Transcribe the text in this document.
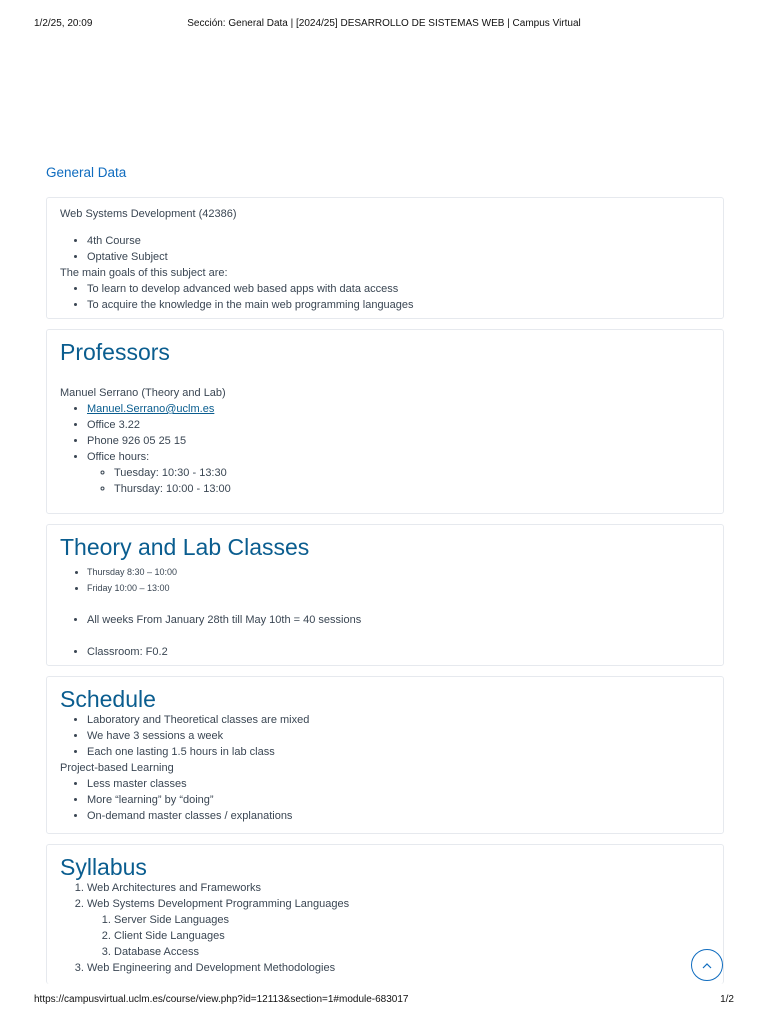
1/2/25, 20:09	Sección: General Data | [2024/25] DESARROLLO DE SISTEMAS WEB | Campus Virtual
General Data

Web Systems Development (42386)

• 4th Course
• Optative Subject

The main goals of this subject are:

• To learn to develop advanced web based apps with data access
• To acquire the knowledge in the main web programming languages
Professors

Manuel Serrano (Theory and Lab)

• Manuel.Serrano@uclm.es
• Office 3.22
• Phone 926 05 25 15
• Office hours:
◦ Tuesday: 10:30 - 13:30
◦ Thursday: 10:00 - 13:00
Theory and Lab Classes
• Thursday 8:30 – 10:00
• Friday 10:00 – 13:00
• All weeks From January 28th till May 10th = 40 sessions
• Classroom: F0.2
Schedule
• Laboratory and Theoretical classes are mixed
• We have 3 sessions a week
• Each one lasting 1.5 hours in lab class

Project-based Learning

• Less master classes
• More “learning” by “doing”
• On-demand master classes / explanations
Syllabus
1. Web Architectures and Frameworks
2. Web Systems Development Programming Languages
1. Server Side Languages
2. Client Side Languages
3. Database Access
3. Web Engineering and Development Methodologies
https://campusvirtual.uclm.es/course/view.php?id=12113&section=1#module-683017	1/2
